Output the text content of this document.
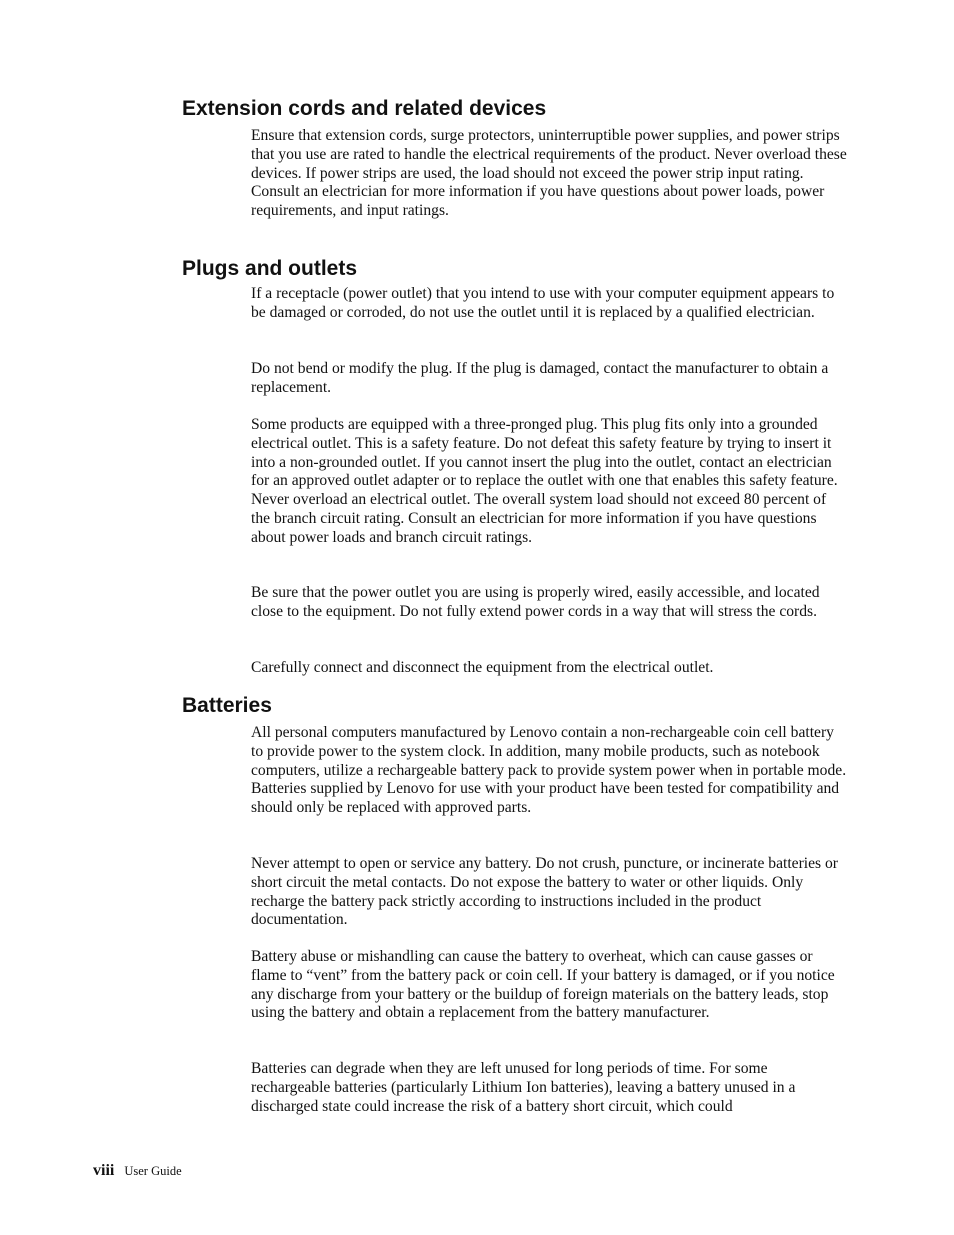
Extension cords and related devices

Ensure that extension cords, surge protectors, uninterruptible power supplies, and power strips that you use are rated to handle the electrical requirements of the product. Never overload these devices. If power strips are used, the load should not exceed the power strip input rating. Consult an electrician for more information if you have questions about power loads, power requirements, and input ratings.

Plugs and outlets

If a receptacle (power outlet) that you intend to use with your computer equipment appears to be damaged or corroded, do not use the outlet until it is replaced by a qualified electrician.

Do not bend or modify the plug. If the plug is damaged, contact the manufacturer to obtain a replacement.

Some products are equipped with a three-pronged plug. This plug fits only into a grounded electrical outlet. This is a safety feature. Do not defeat this safety feature by trying to insert it into a non-grounded outlet. If you cannot insert the plug into the outlet, contact an electrician for an approved outlet adapter or to replace the outlet with one that enables this safety feature. Never overload an electrical outlet. The overall system load should not exceed 80 percent of the branch circuit rating. Consult an electrician for more information if you have questions about power loads and branch circuit ratings.

Be sure that the power outlet you are using is properly wired, easily accessible, and located close to the equipment. Do not fully extend power cords in a way that will stress the cords.

Carefully connect and disconnect the equipment from the electrical outlet.

Batteries

All personal computers manufactured by Lenovo contain a non-rechargeable coin cell battery to provide power to the system clock. In addition, many mobile products, such as notebook computers, utilize a rechargeable battery pack to provide system power when in portable mode. Batteries supplied by Lenovo for use with your product have been tested for compatibility and should only be replaced with approved parts.

Never attempt to open or service any battery. Do not crush, puncture, or incinerate batteries or short circuit the metal contacts. Do not expose the battery to water or other liquids. Only recharge the battery pack strictly according to instructions included in the product documentation.

Battery abuse or mishandling can cause the battery to overheat, which can cause gasses or flame to “vent” from the battery pack or coin cell. If your battery is damaged, or if you notice any discharge from your battery or the buildup of foreign materials on the battery leads, stop using the battery and obtain a replacement from the battery manufacturer.

Batteries can degrade when they are left unused for long periods of time. For some rechargeable batteries (particularly Lithium Ion batteries), leaving a battery unused in a discharged state could increase the risk of a battery short circuit, which could

viii User Guide
